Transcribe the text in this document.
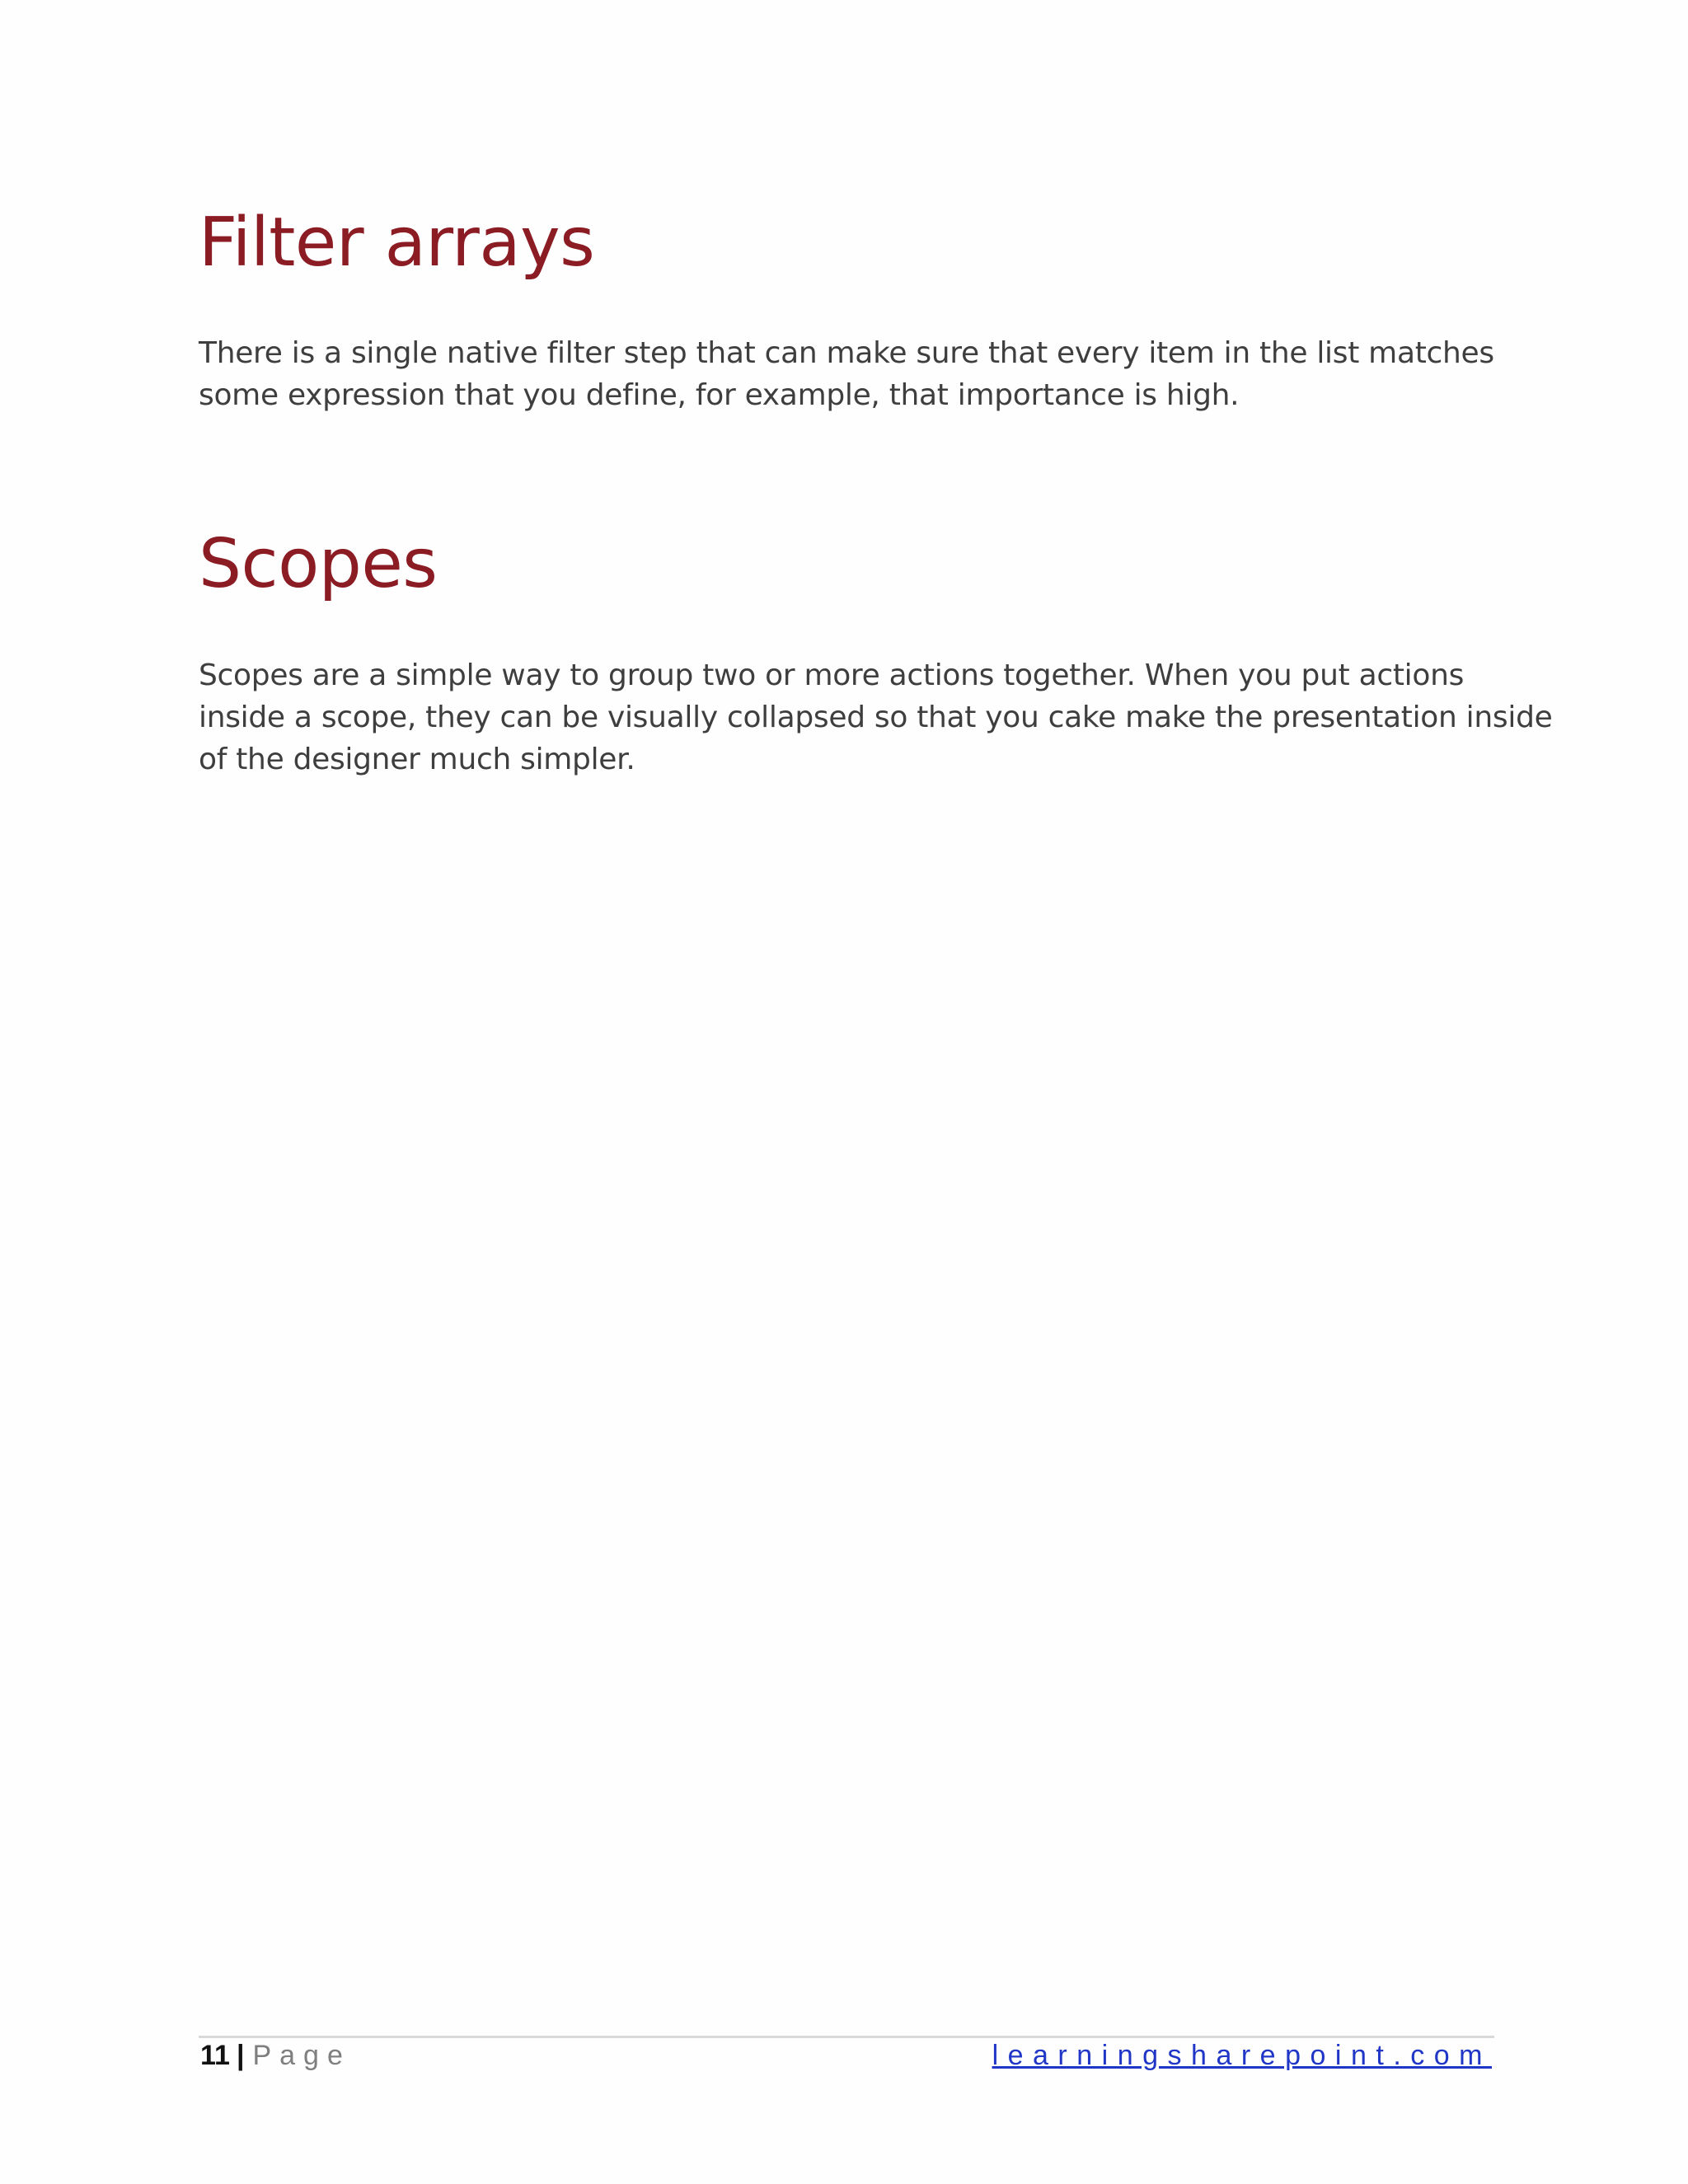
Filter arrays

There is a single native filter step that can make sure that every item in the list matches
some expression that you define, for example, that importance is high.

Scopes

Scopes are a simple way to group two or more actions together. When you put actions
inside a scope, they can be visually collapsed so that you cake make the presentation inside
of the designer much simpler.

11 | Page	learningsharepoint.com
